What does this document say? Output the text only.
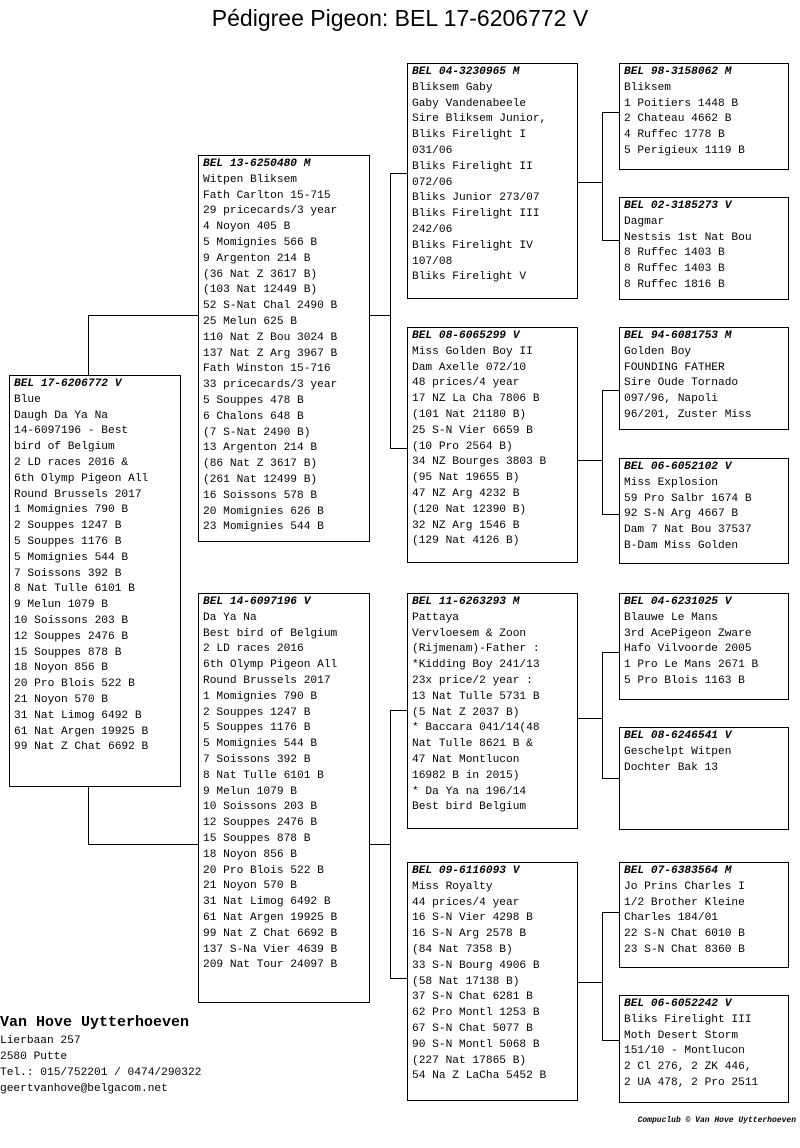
Pédigree Pigeon: BEL 17-6206772 V
BEL 17-6206772 V
Blue
Daugh Da Ya Na
14-6097196 - Best
bird of Belgium
2 LD races 2016 &
6th Olymp Pigeon All
Round Brussels 2017
1 Momignies 790 B
2 Souppes 1247 B
5 Souppes 1176 B
5 Momignies 544 B
7 Soissons 392 B
8 Nat Tulle 6101 B
9 Melun 1079 B
10 Soissons 203 B
12 Souppes 2476 B
15 Souppes 878 B
18 Noyon 856 B
20 Pro Blois 522 B
21 Noyon 570 B
31 Nat Limog 6492 B
61 Nat Argen 19925 B
99 Nat Z Chat 6692 B
BEL 13-6250480 M
Witpen Bliksem
Fath Carlton 15-715
29 pricecards/3 year
4 Noyon 405 B
5 Momignies 566 B
9 Argenton 214 B
(36 Nat Z 3617 B)
(103 Nat 12449 B)
52 S-Nat Chal 2490 B
25 Melun 625 B
110 Nat Z Bou 3024 B
137 Nat Z Arg 3967 B
Fath Winston 15-716
33 pricecards/3 year
5 Souppes 478 B
6 Chalons 648 B
(7 S-Nat 2490 B)
13 Argenton 214 B
(86 Nat Z 3617 B)
(261 Nat 12499 B)
16 Soissons 578 B
20 Momignies 626 B
23 Momignies 544 B
BEL 14-6097196 V
Da Ya Na
Best bird of Belgium
2 LD races 2016
6th Olymp Pigeon All
Round Brussels 2017
1 Momignies 790 B
2 Souppes 1247 B
5 Souppes 1176 B
5 Momignies 544 B
7 Soissons 392 B
8 Nat Tulle 6101 B
9 Melun 1079 B
10 Soissons 203 B
12 Souppes 2476 B
15 Souppes 878 B
18 Noyon 856 B
20 Pro Blois 522 B
21 Noyon 570 B
31 Nat Limog 6492 B
61 Nat Argen 19925 B
99 Nat Z Chat 6692 B
137 S-Na Vier 4639 B
209 Nat Tour 24097 B
BEL 04-3230965 M
Bliksem Gaby
Gaby Vandenabeele
Sire Bliksem Junior,
Bliks Firelight I
031/06
Bliks Firelight II
072/06
Bliks Junior 273/07
Bliks Firelight III
242/06
Bliks Firelight IV
107/08
Bliks Firelight V
BEL 08-6065299 V
Miss Golden Boy II
Dam Axelle 072/10
48 prices/4 year
17 NZ La Cha 7806 B
(101 Nat 21180 B)
25 S-N Vier 6659 B
(10 Pro 2564 B)
34 NZ Bourges 3803 B
(95 Nat 19655 B)
47 NZ Arg 4232 B
(120 Nat 12390 B)
32 NZ Arg 1546 B
(129 Nat 4126 B)
BEL 11-6263293 M
Pattaya
Vervloesem & Zoon
(Rijmenam)-Father :
*Kidding Boy 241/13
23x price/2 year :
13 Nat Tulle 5731 B
(5 Nat Z 2037 B)
* Baccara 041/14(48
Nat Tulle 8621 B &
47 Nat Montlucon
16982 B in 2015)
* Da Ya na 196/14
Best bird Belgium
BEL 09-6116093 V
Miss Royalty
44 prices/4 year
16 S-N Vier 4298 B
16 S-N Arg 2578 B
(84 Nat 7358 B)
33 S-N Bourg 4906 B
(58 Nat 17138 B)
37 S-N Chat 6281 B
62 Pro Montl 1253 B
67 S-N Chat 5077 B
90 S-N Montl 5068 B
(227 Nat 17865 B)
54 Na Z LaCha 5452 B
BEL 98-3158062 M
Bliksem
1 Poitiers 1448 B
2 Chateau 4662 B
4 Ruffec 1778 B
5 Perigieux 1119 B
BEL 02-3185273 V
Dagmar
Nestsis 1st Nat Bou
8 Ruffec 1403 B
8 Ruffec 1403 B
8 Ruffec 1816 B
BEL 94-6081753 M
Golden Boy
FOUNDING FATHER
Sire Oude Tornado
097/96, Napoli
96/201, Zuster Miss
BEL 06-6052102 V
Miss Explosion
59 Pro Salbr 1674 B
92 S-N Arg 4667 B
Dam 7 Nat Bou 37537
B-Dam Miss Golden
BEL 04-6231025 V
Blauwe Le Mans
3rd AcePigeon Zware
Hafo Vilvoorde 2005
1 Pro Le Mans 2671 B
5 Pro Blois 1163 B
BEL 08-6246541 V
Geschelpt Witpen
Dochter Bak 13
BEL 07-6383564 M
Jo Prins Charles I
1/2 Brother Kleine
Charles 184/01
22 S-N Chat 6010 B
23 S-N Chat 8360 B
BEL 06-6052242 V
Bliks Firelight III
Moth Desert Storm
151/10 - Montlucon
2 Cl 276, 2 ZK 446,
2 UA 478, 2 Pro 2511
Van Hove Uytterhoeven
Lierbaan 257
2580 Putte
Tel.: 015/752201 / 0474/290322
geertvanhove@belgacom.net
Compuclub © Van Hove Uytterhoeven
